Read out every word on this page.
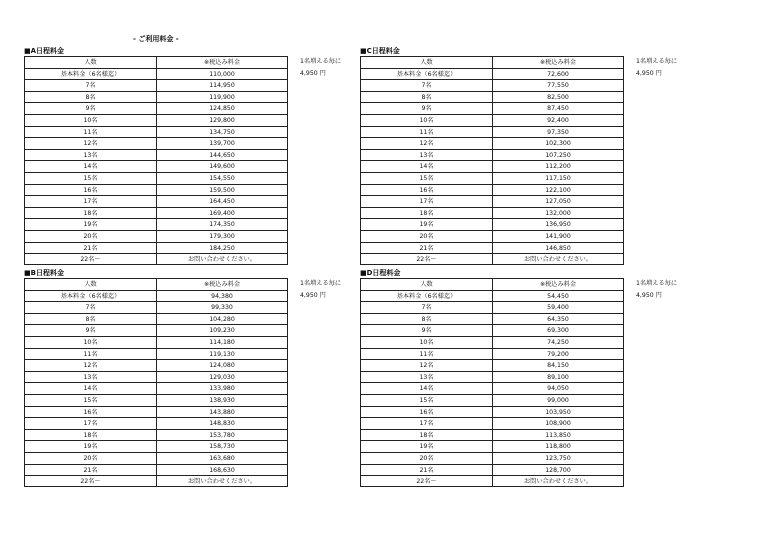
- ご利用料金 -
■A日程料金
人数	※税込み料金	1名増える毎に
基本料金（6名様迄）	110,000	4,950 円
7名	114,950
8名	119,900
9名	124,850
10名	129,800
11名	134,750
12名	139,700
13名	144,650
14名	149,600
15名	154,550
16名	159,500
17名	164,450
18名	169,400
19名	174,350
20名	179,300
21名	184,250
22名〜	お問い合わせください。
■C日程料金
人数	※税込み料金	1名増える毎に
基本料金（6名様迄）	72,600	4,950 円
7名	77,550
8名	82,500
9名	87,450
10名	92,400
11名	97,350
12名	102,300
13名	107,250
14名	112,200
15名	117,150
16名	122,100
17名	127,050
18名	132,000
19名	136,950
20名	141,900
21名	146,850
22名〜	お問い合わせください。
■B日程料金
人数	※税込み料金	1名増える毎に
基本料金（6名様迄）	94,380	4,950 円
7名	99,330
8名	104,280
9名	109,230
10名	114,180
11名	119,130
12名	124,080
13名	129,030
14名	133,980
15名	138,930
16名	143,880
17名	148,830
18名	153,780
19名	158,730
20名	163,680
21名	168,630
22名〜	お問い合わせください。
■D日程料金
人数	※税込み料金	1名増える毎に
基本料金（6名様迄）	54,450	4,950 円
7名	59,400
8名	64,350
9名	69,300
10名	74,250
11名	79,200
12名	84,150
13名	89,100
14名	94,050
15名	99,000
16名	103,950
17名	108,900
18名	113,850
19名	118,800
20名	123,750
21名	128,700
22名〜	お問い合わせください。
